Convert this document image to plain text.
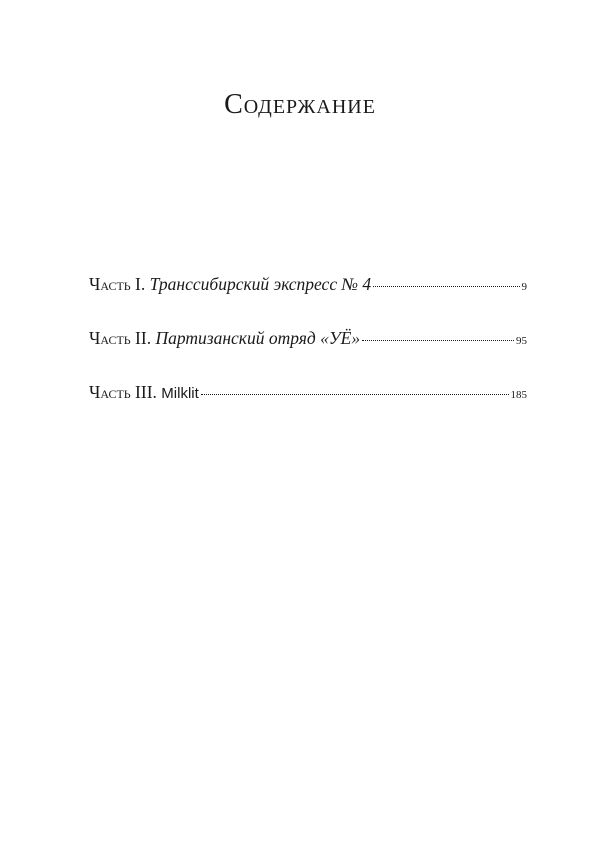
Содержание
Часть I. Транссибирский экспресс № 4	9
Часть II. Партизанский отряд «УЁ»	95
Часть III. Milklit	185
